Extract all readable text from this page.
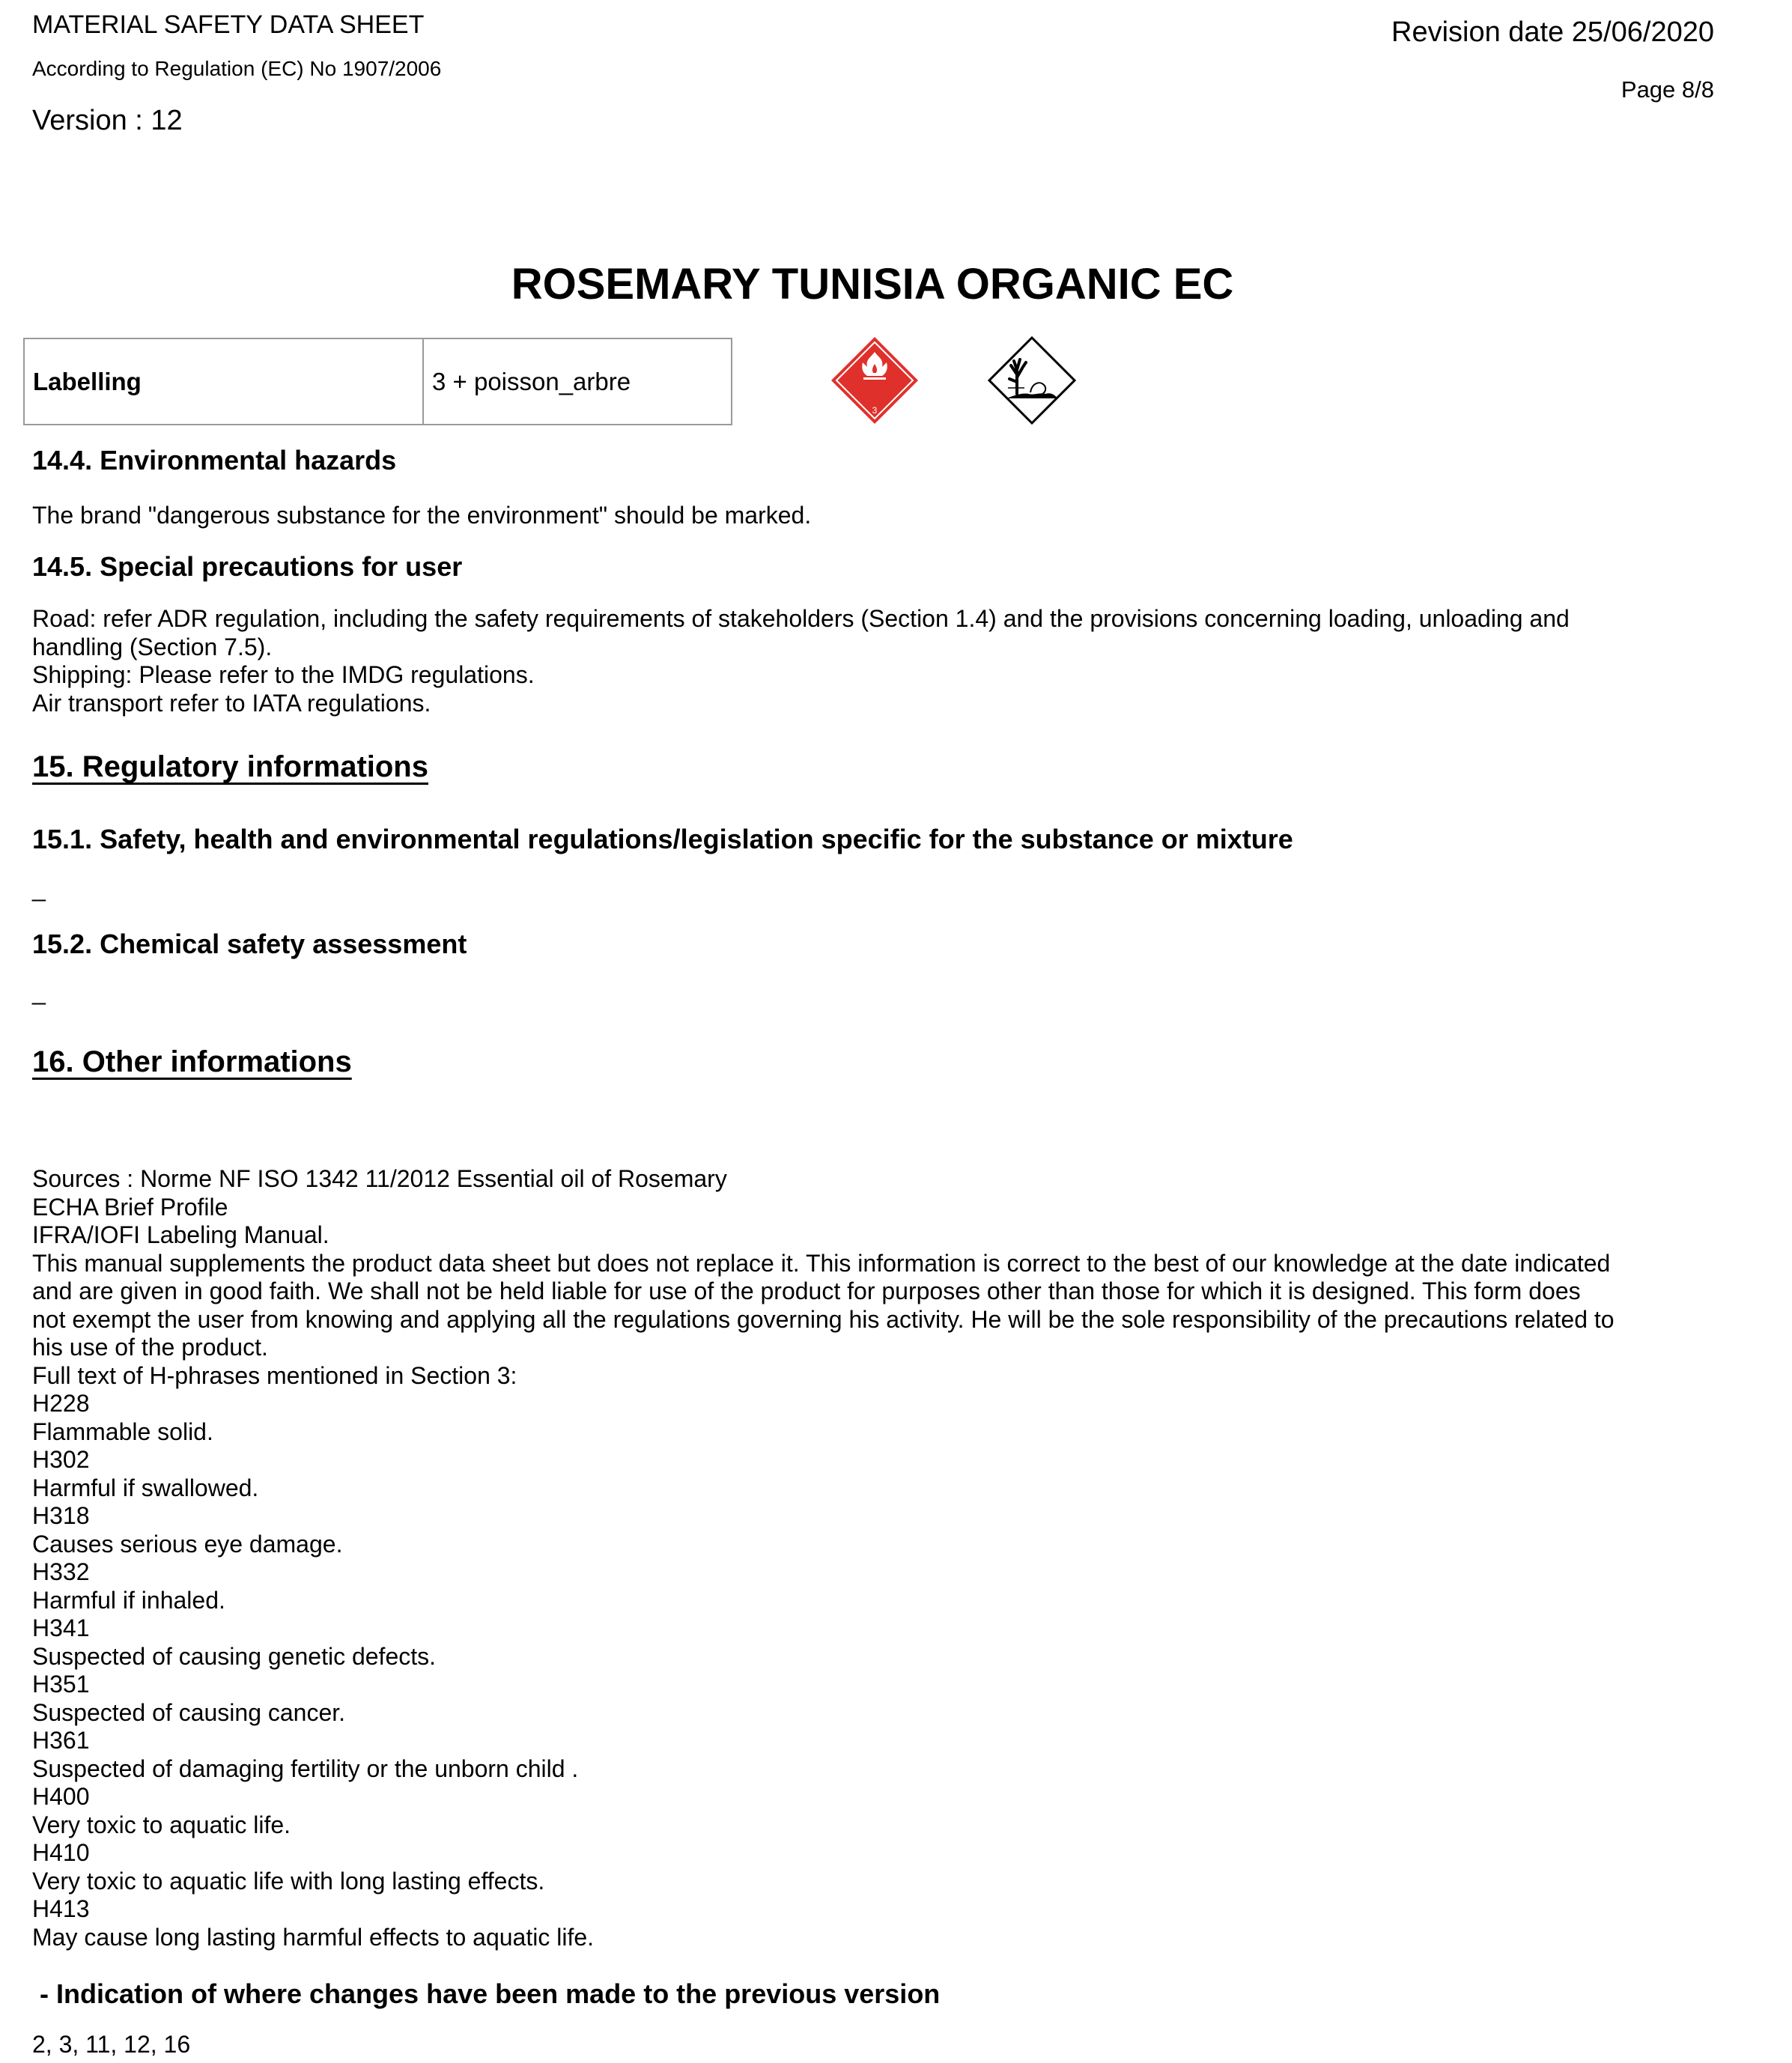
MATERIAL SAFETY DATA SHEET
According to Regulation (EC) No 1907/2006
Version : 12
Revision date 25/06/2020
Page 8/8
ROSEMARY TUNISIA ORGANIC EC
Labelling	3 + poisson_arbre
3
14.4. Environmental hazards
The brand "dangerous substance for the environment" should be marked.
14.5. Special precautions for user
Road: refer ADR regulation, including the safety requirements of stakeholders (Section 1.4) and the provisions concerning loading, unloading and
handling (Section 7.5).
Shipping: Please refer to the IMDG regulations.
Air transport refer to IATA regulations.
15. Regulatory informations
15.1. Safety, health and environmental regulations/legislation specific for the substance or mixture
_
15.2. Chemical safety assessment
_
16. Other informations
Sources : Norme NF ISO 1342 11/2012 Essential oil of Rosemary
ECHA Brief Profile
IFRA/IOFI Labeling Manual.
This manual supplements the product data sheet but does not replace it. This information is correct to the best of our knowledge at the date indicated
and are given in good faith. We shall not be held liable for use of the product for purposes other than those for which it is designed. This form does
not exempt the user from knowing and applying all the regulations governing his activity. He will be the sole responsibility of the precautions related to
his use of the product.
Full text of H-phrases mentioned in Section 3:
H228
Flammable solid.
H302
Harmful if swallowed.
H318
Causes serious eye damage.
H332
Harmful if inhaled.
H341
Suspected of causing genetic defects.
H351
Suspected of causing cancer.
H361
Suspected of damaging fertility or the unborn child .
H400
Very toxic to aquatic life.
H410
Very toxic to aquatic life with long lasting effects.
H413
May cause long lasting harmful effects to aquatic life.
- Indication of where changes have been made to the previous version
2, 3, 11, 12, 16
